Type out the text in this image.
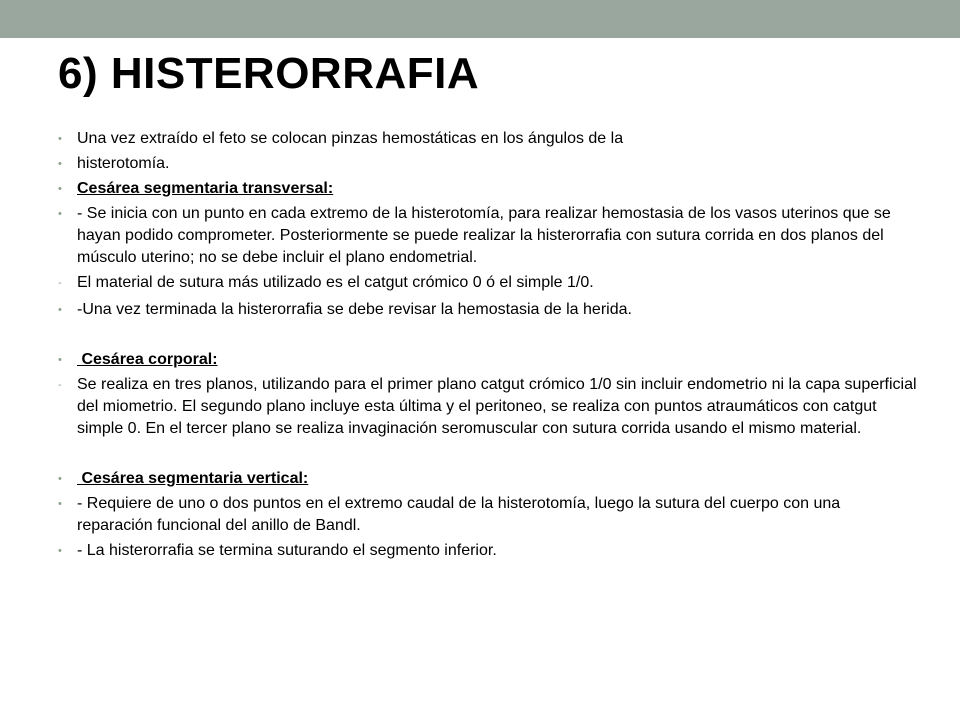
6) HISTERORRAFIA
• Una vez extraído el feto se colocan pinzas hemostáticas en los ángulos de la
• histerotomía.
• Cesárea segmentaria transversal:
• - Se inicia con un punto en cada extremo de la histerotomía, para realizar hemostasia de los vasos uterinos que se hayan podido comprometer. Posteriormente se puede realizar la histerorrafia con sutura corrida en dos planos del músculo uterino; no se debe incluir el plano endometrial.
- El material de sutura más utilizado es el catgut crómico 0 ó el simple 1/0.
• -Una vez terminada la histerorrafia se debe revisar la hemostasia de la herida.
• Cesárea corporal:
- Se realiza en tres planos, utilizando para el primer plano catgut crómico 1/0 sin incluir endometrio ni la capa superficial del miometrio. El segundo plano incluye esta última y el peritoneo, se realiza con puntos atraumáticos con catgut simple 0. En el tercer plano se realiza invaginación seromuscular con sutura corrida usando el mismo material.
• Cesárea segmentaria vertical:
• - Requiere de uno o dos puntos en el extremo caudal de la histerotomía, luego la sutura del cuerpo con una reparación funcional del anillo de Bandl.
• - La histerorrafia se termina suturando el segmento inferior.
